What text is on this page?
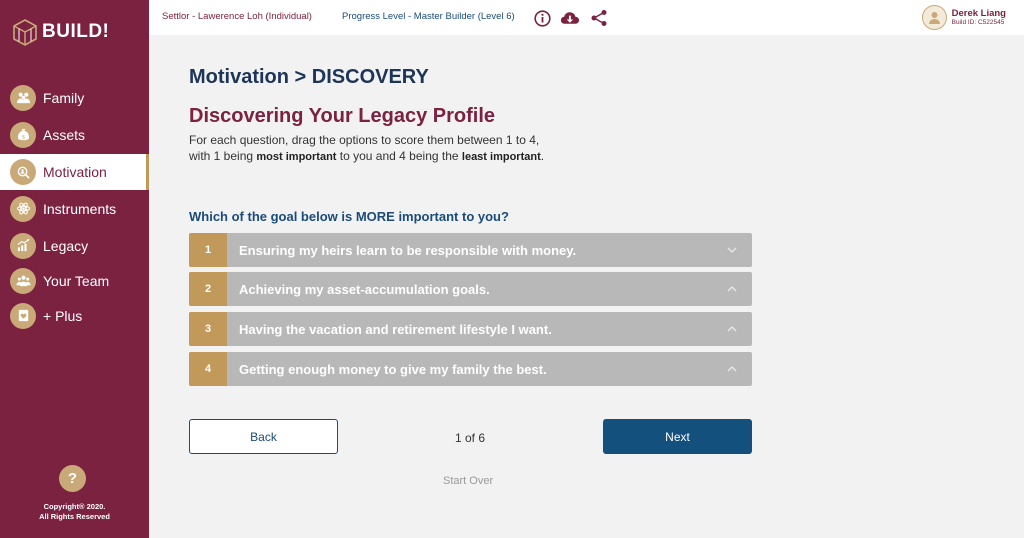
BUILD!
Family
$ Assets
Motivation
Instruments
Legacy
Your Team
+ Plus
?
Copyright® 2020.
All Rights Reserved
Settlor - Lawerence Loh (Individual)	Progress Level - Master Builder (Level 6)	Derek Liang
Build ID: C522545
Motivation > DISCOVERY
Discovering Your Legacy Profile
For each question, drag the options to score them between 1 to 4,
with 1 being most important to you and 4 being the least important.
Which of the goal below is MORE important to you?
1	Ensuring my heirs learn to be responsible with money.
2	Achieving my asset-accumulation goals.
3	Having the vacation and retirement lifestyle I want.
4	Getting enough money to give my family the best.
Back	1 of 6	Next
Start Over
